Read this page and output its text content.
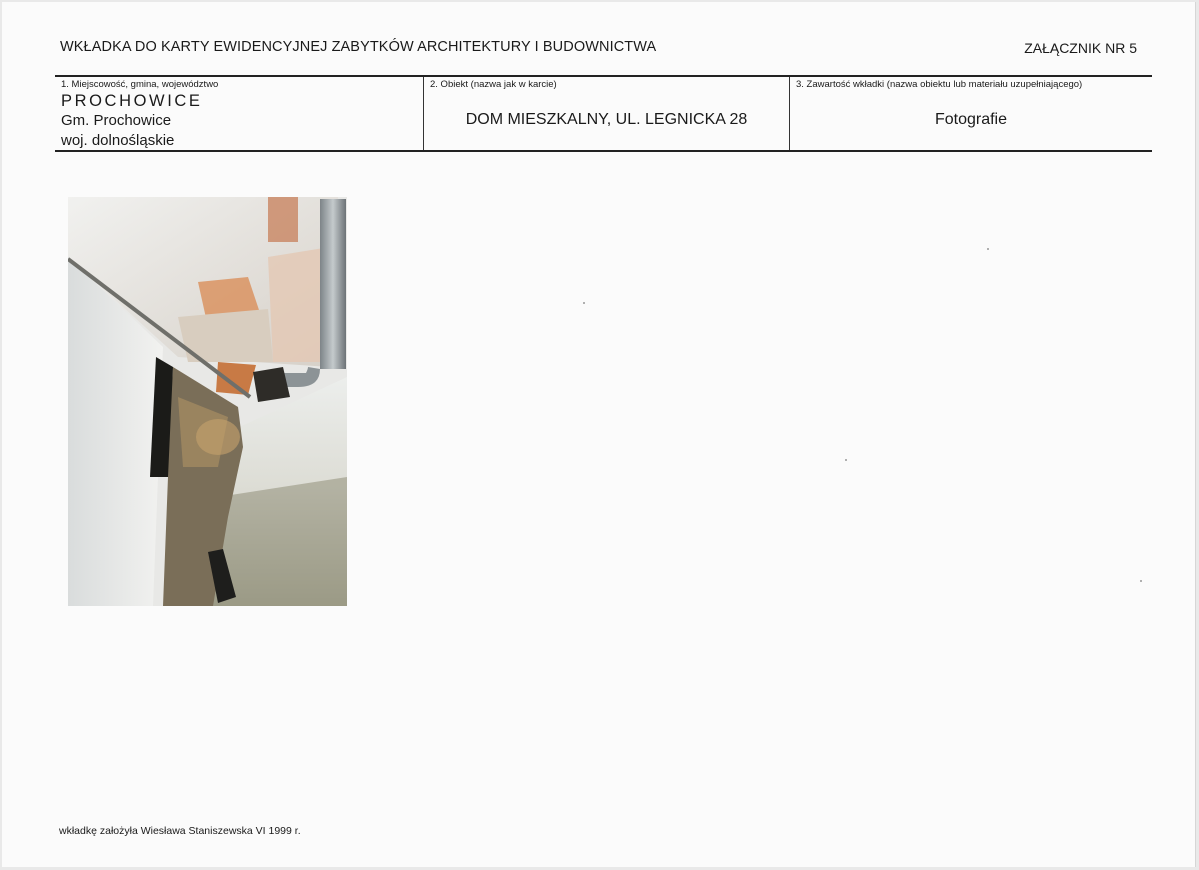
WKŁADKA DO KARTY EWIDENCYJNEJ ZABYTKÓW ARCHITEKTURY I BUDOWNICTWA	ZAŁĄCZNIK NR 5
1. Miejscowość, gmina, województwo
PROCHOWICE
Gm. Prochowice
woj. dolnośląskie
2. Obiekt (nazwa jak w karcie)
DOM MIESZKALNY, UL. LEGNICKA 28
3. Zawartość wkładki (nazwa obiektu lub materiału uzupełniającego)
Fotografie
wkładkę założyła Wiesława Staniszewska VI 1999 r.
